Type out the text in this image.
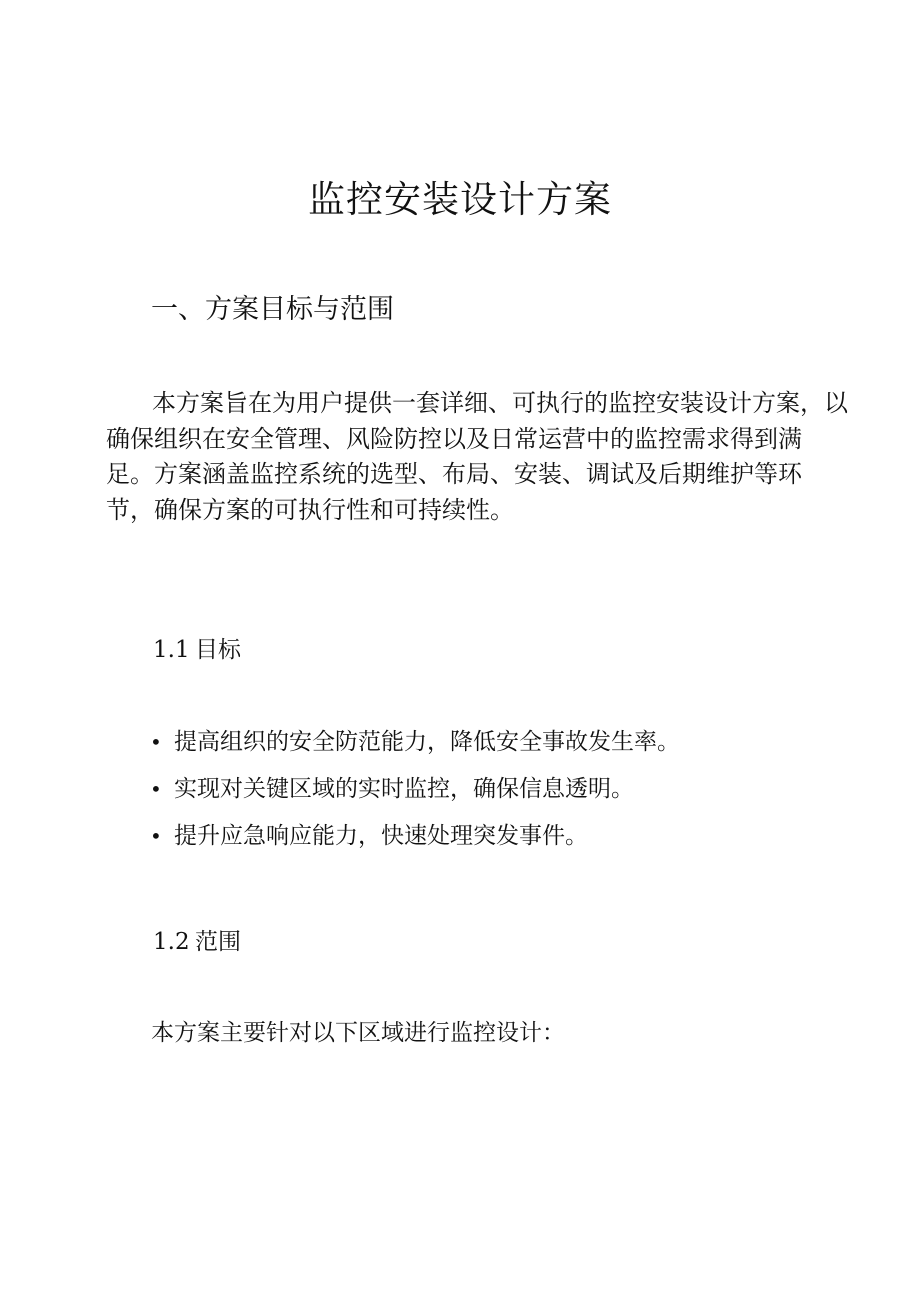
监控安装设计方案
一、方案目标与范围

本方案旨在为用户提供一套详细、可执行的监控安装设计方案，以
确保组织在安全管理、风险防控以及日常运营中的监控需求得到满
足。方案涵盖监控系统的选型、布局、安装、调试及后期维护等环
节，确保方案的可执行性和可持续性。

1.1 目标
• 提高组织的安全防范能力，降低安全事故发生率。
• 实现对关键区域的实时监控，确保信息透明。
• 提升应急响应能力，快速处理突发事件。
1.2 范围

本方案主要针对以下区域进行监控设计：
